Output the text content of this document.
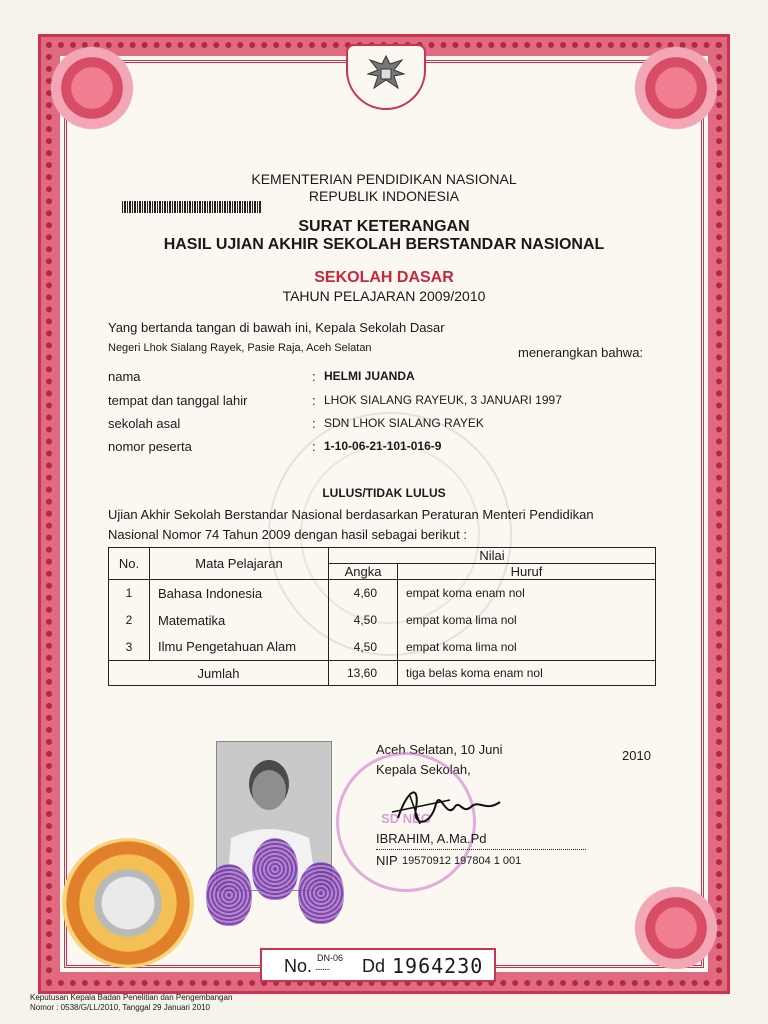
KEMENTERIAN PENDIDIKAN NASIONAL
REPUBLIK INDONESIA
SURAT KETERANGAN
HASIL UJIAN AKHIR SEKOLAH BERSTANDAR NASIONAL
SEKOLAH DASAR
TAHUN PELAJARAN 2009/2010
Yang bertanda tangan di bawah ini, Kepala Sekolah Dasar
Negeri Lhok Sialang Rayek, Pasie Raja, Aceh Selatan	menerangkan bahwa:
nama	: HELMI JUANDA
tempat dan tanggal lahir	: LHOK SIALANG RAYEUK, 3 JANUARI 1997
sekolah asal	: SDN LHOK SIALANG RAYEK
nomor peserta	: 1-10-06-21-101-016-9
LULUS/TIDAK LULUS
Ujian Akhir Sekolah Berstandar Nasional berdasarkan Peraturan Menteri Pendidikan
Nasional Nomor 74 Tahun 2009 dengan hasil sebagai berikut :
No.	Mata Pelajaran	Nilai	
		Angka	Huruf
1	Bahasa Indonesia	4,60	empat koma enam nol
2	Matematika	4,50	empat koma lima nol
3	Ilmu Pengetahuan Alam	4,50	empat koma lima nol
Jumlah		13,60	tiga belas koma enam nol
Aceh Selatan, 10 Juni	2010
Kepala Sekolah,
SD NEG
IBRAHIM, A.Ma.Pd
NIP 19570912 197804 1 001
No. DN-06
........ Dd 1964230
Keputusan Kepala Badan Penelitian dan Pengembangan
Nomor : 0538/G/LL/2010, Tanggal 29 Januari 2010
